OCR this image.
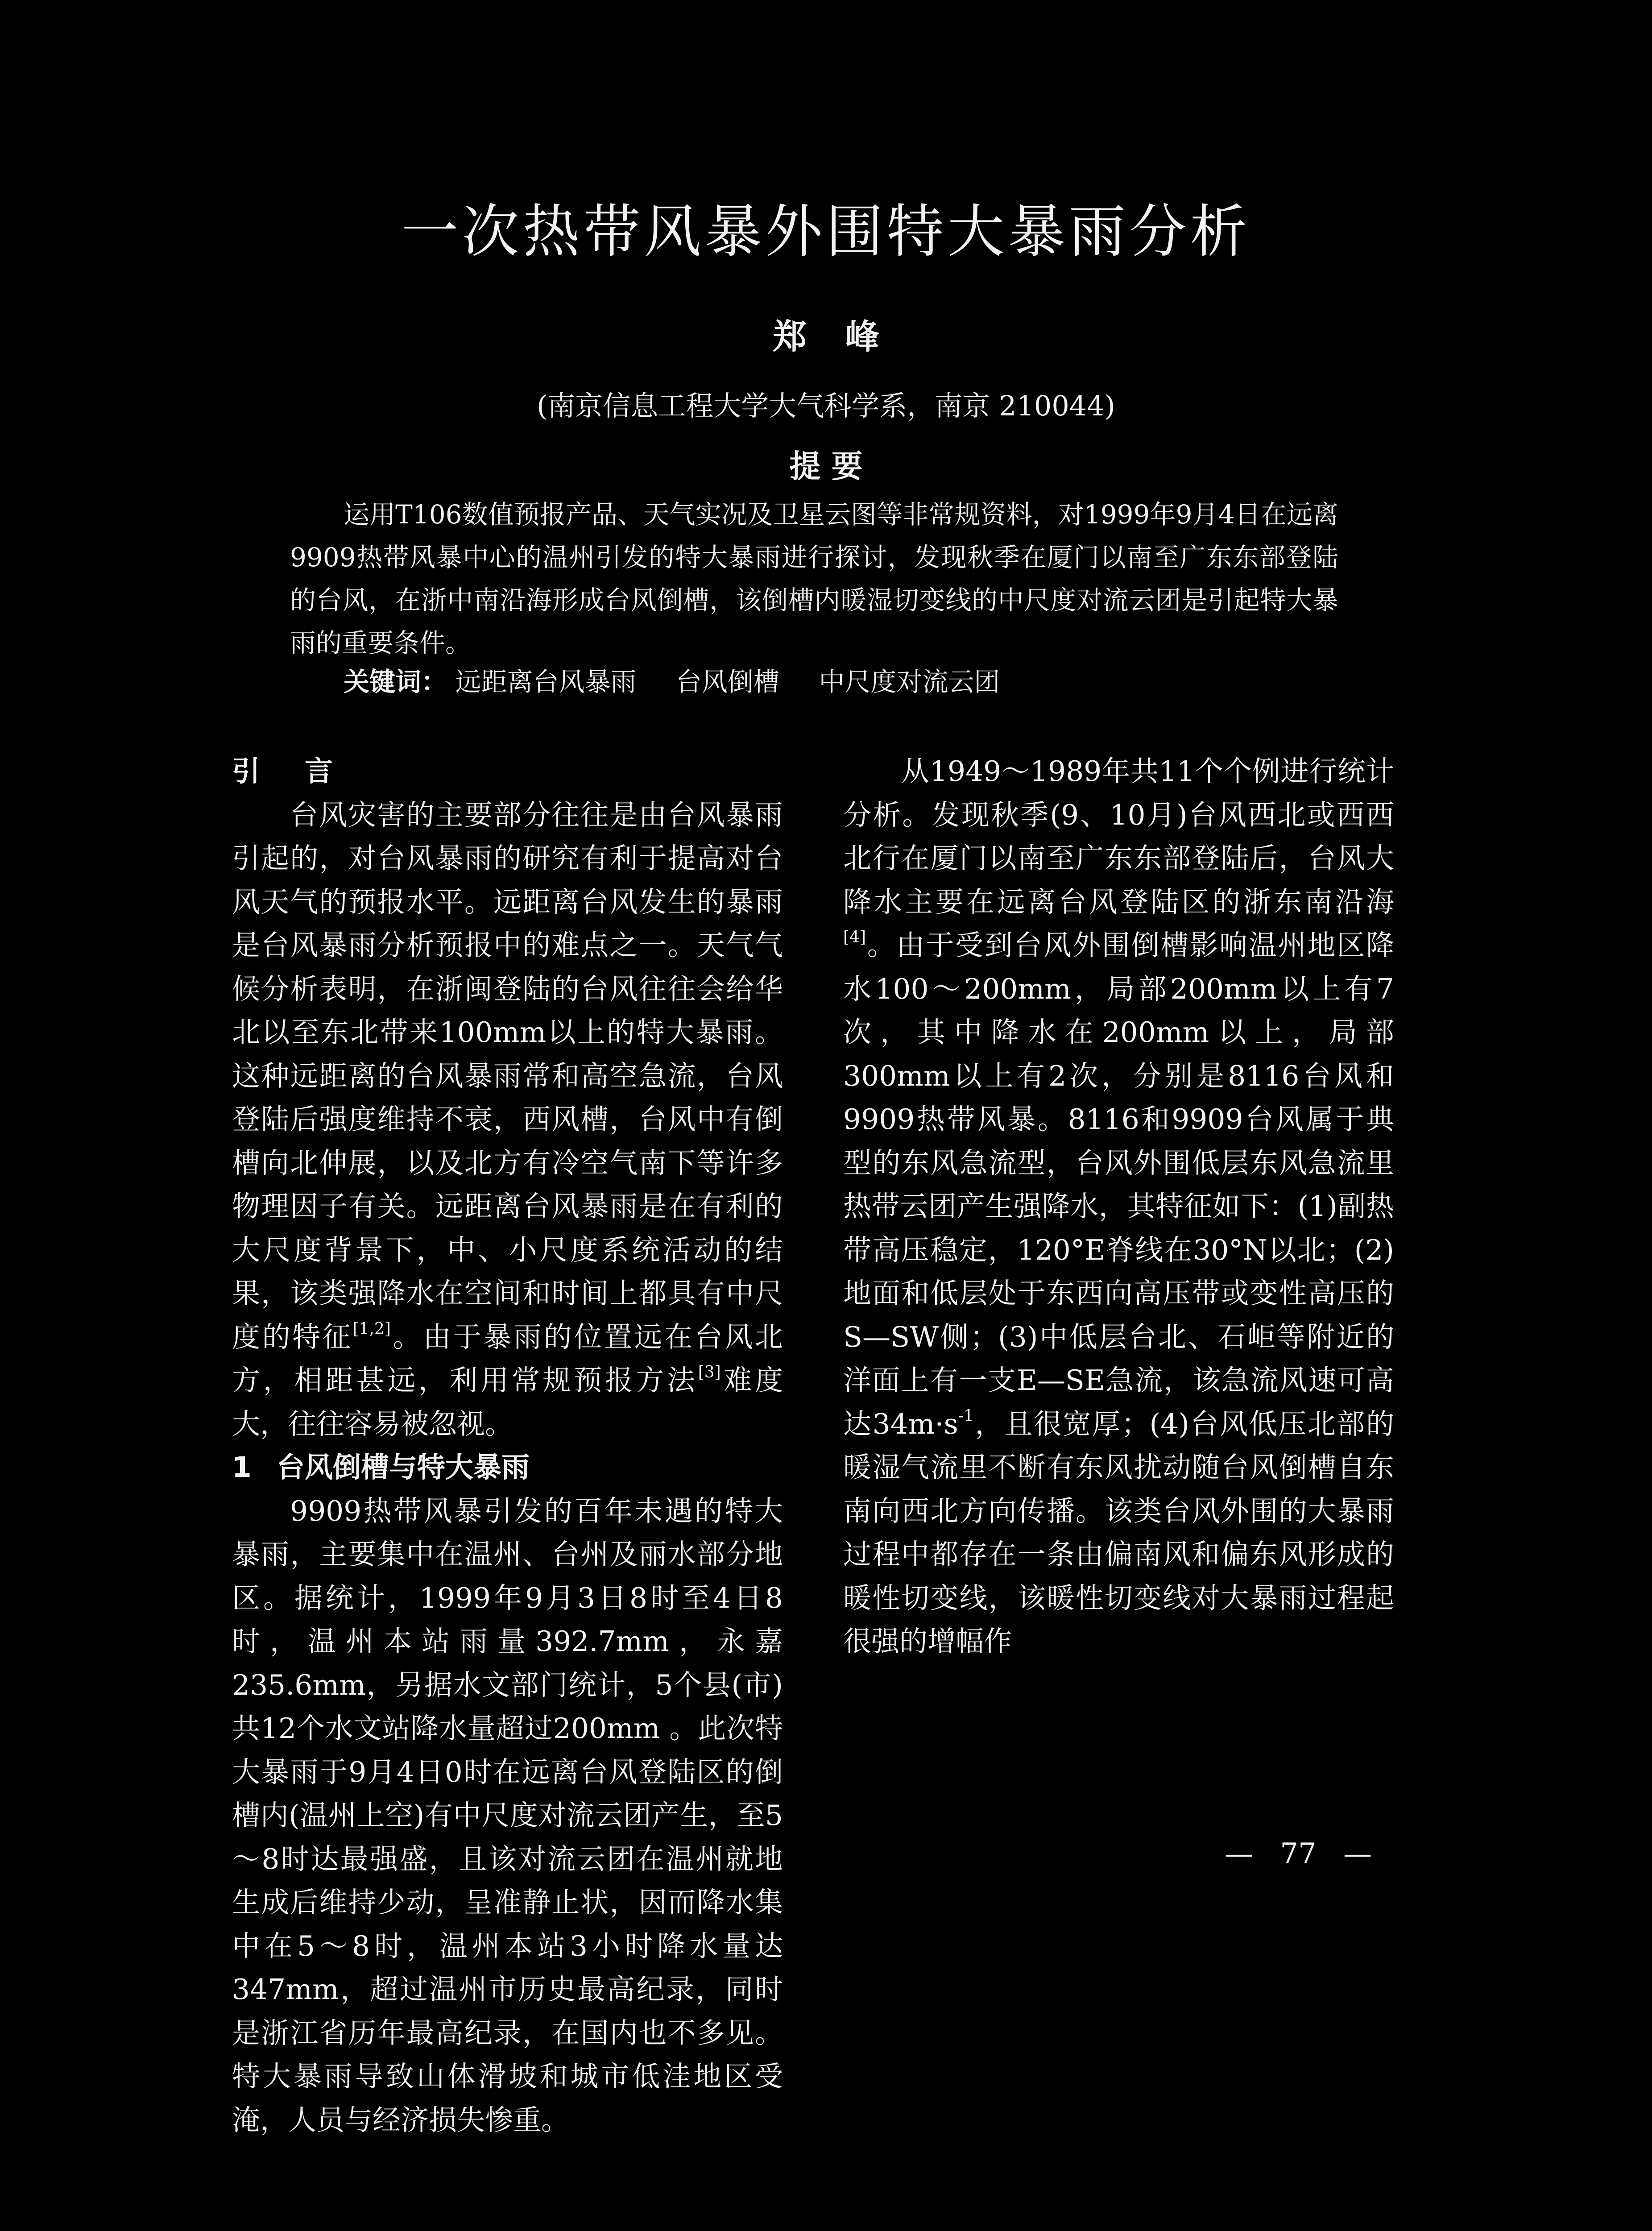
一次热带风暴外围特大暴雨分析
郑 峰
(南京信息工程大学大气科学系，南京 210044)
提 要

运用T106数值预报产品、天气实况及卫星云图等非常规资料，对1999年9月4日在远离9909热带风暴中心的温州引发的特大暴雨进行探讨，发现秋季在厦门以南至广东东部登陆的台风，在浙中南沿海形成台风倒槽，该倒槽内暖湿切变线的中尺度对流云团是引起特大暴雨的重要条件。

关键词： 远距离台风暴雨 台风倒槽 中尺度对流云团
引言

台风灾害的主要部分往往是由台风暴雨引起的，对台风暴雨的研究有利于提高对台风天气的预报水平。远距离台风发生的暴雨是台风暴雨分析预报中的难点之一。天气气候分析表明，在浙闽登陆的台风往往会给华北以至东北带来100mm以上的特大暴雨。这种远距离的台风暴雨常和高空急流，台风登陆后强度维持不衰，西风槽，台风中有倒槽向北伸展，以及北方有冷空气南下等许多物理因子有关。远距离台风暴雨是在有利的大尺度背景下，中、小尺度系统活动的结果，该类强降水在空间和时间上都具有中尺度的特征[1,2]。由于暴雨的位置远在台风北方，相距甚远，利用常规预报方法[3]难度大，往往容易被忽视。

1 台风倒槽与特大暴雨

9909热带风暴引发的百年未遇的特大暴雨，主要集中在温州、台州及丽水部分地区。据统计，1999年9月3日8时至4日8时，温州本站雨量392.7mm，永嘉235.6mm，另据水文部门统计，5个县(市)共12个水文站降水量超过200mm 。此次特大暴雨于9月4日0时在远离台风登陆区的倒槽内(温州上空)有中尺度对流云团产生，至5～8时达最强盛，且该对流云团在温州就地生成后维持少动，呈准静止状，因而降水集中在5～8时，温州本站3小时降水量达347mm，超过温州市历史最高纪录，同时是浙江省历年最高纪录，在国内也不多见。特大暴雨导致山体滑坡和城市低洼地区受淹，人员与经济损失惨重。

从1949～1989年共11个个例进行统计分析。发现秋季(9、10月)台风西北或西西北行在厦门以南至广东东部登陆后，台风大降水主要在远离台风登陆区的浙东南沿海[4]。由于受到台风外围倒槽影响温州地区降水100～200mm，局部200mm以上有7次，其中降水在200mm以上，局部300mm以上有2次，分别是8116台风和9909热带风暴。8116和9909台风属于典型的东风急流型，台风外围低层东风急流里热带云团产生强降水，其特征如下：(1)副热带高压稳定，120°E脊线在30°N以北；(2)地面和低层处于东西向高压带或变性高压的S—SW侧；(3)中低层台北、石岠等附近的洋面上有一支E—SE急流，该急流风速可高达$34m\cdot s^{-1}$，且很宽厚；(4)台风低压北部的暖湿气流里不断有东风扰动随台风倒槽自东南向西北方向传播。该类台风外围的大暴雨过程中都存在一条由偏南风和偏东风形成的暖性切变线，该暖性切变线对大暴雨过程起很强的增幅作

— 77 —
